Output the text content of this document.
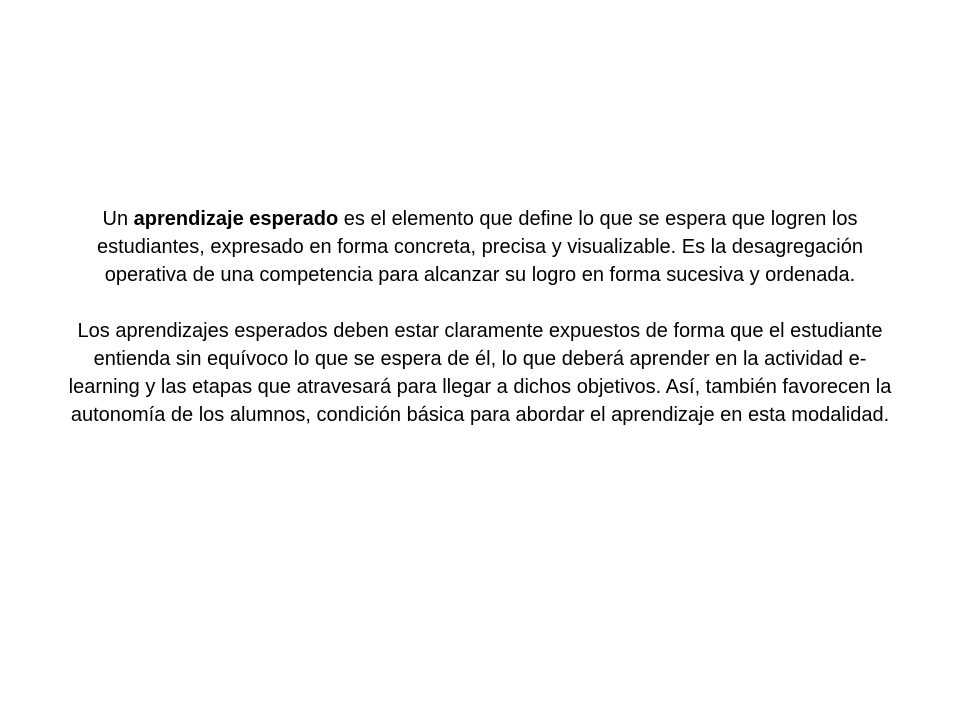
Un aprendizaje esperado es el elemento que define lo que se espera que logren los estudiantes, expresado en forma concreta, precisa y visualizable. Es la desagregación operativa de una competencia para alcanzar su logro en forma sucesiva y ordenada.

Los aprendizajes esperados deben estar claramente expuestos de forma que el estudiante entienda sin equívoco lo que se espera de él, lo que deberá aprender en la actividad e-learning y las etapas que atravesará para llegar a dichos objetivos. Así, también favorecen la autonomía de los alumnos, condición básica para abordar el aprendizaje en esta modalidad.
